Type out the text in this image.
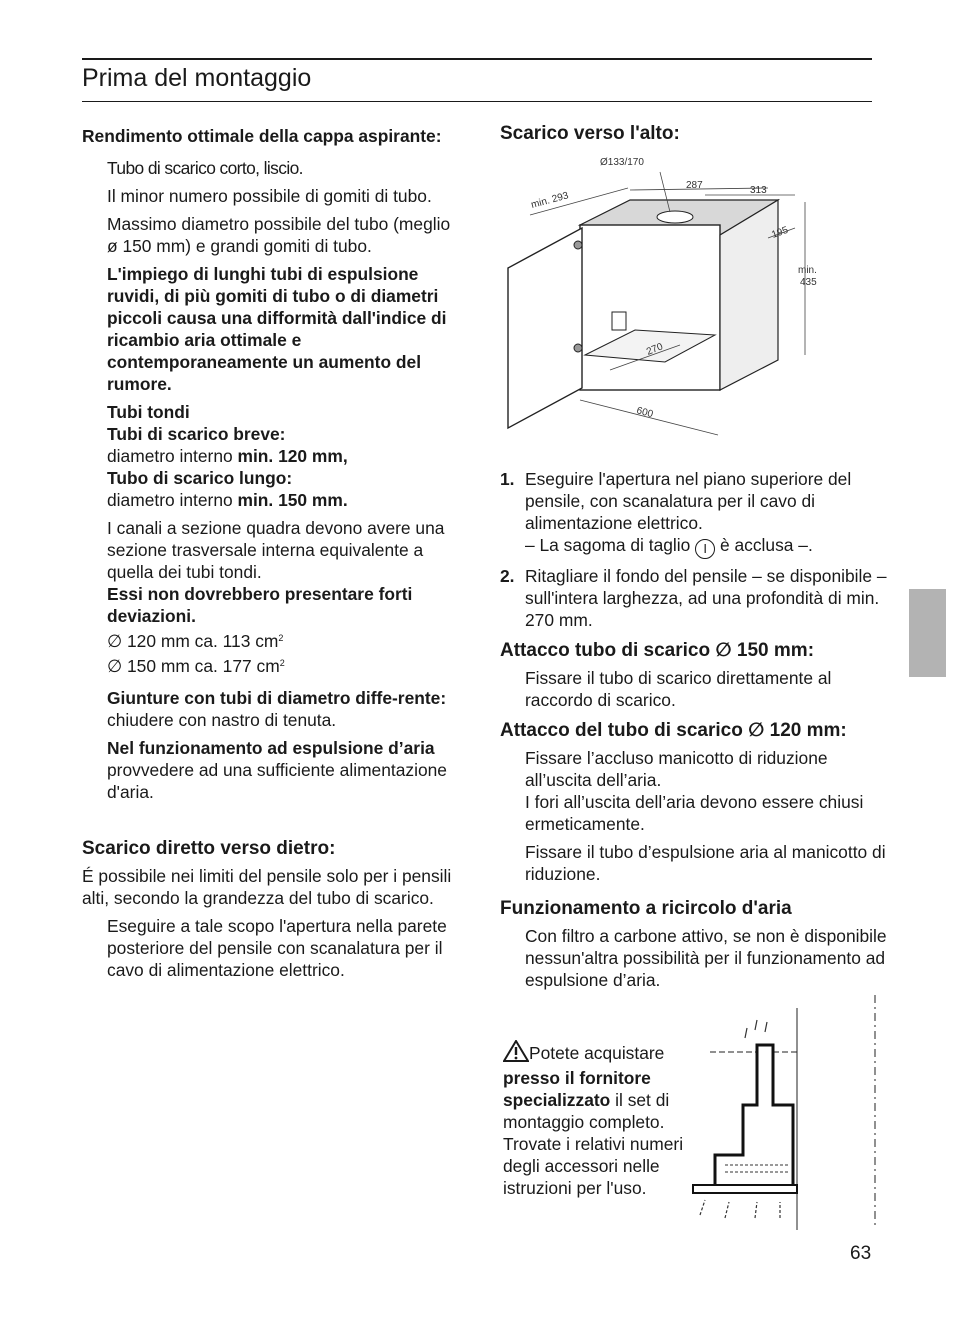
Prima del montaggio

Rendimento ottimale della cappa aspirante:

Tubo di scarico corto, liscio.

Il minor numero possibile di gomiti di tubo.

Massimo diametro possibile del tubo (meglio ø 150 mm) e grandi gomiti di tubo.

L'impiego di lunghi tubi di espulsione ruvidi, di più gomiti di tubo o di diametri piccoli causa una difformità dall'indice di ricambio aria ottimale e contemporaneamente un aumento del rumore.

Tubi tondi

Tubi di scarico breve:

diametro interno min. 120 mm,

Tubo di scarico lungo:

diametro interno min. 150 mm.

I canali a sezione quadra devono avere una sezione trasversale interna equivalente a quella dei tubi tondi.

Essi non dovrebbero presentare forti deviazioni.

∅ 120 mm ca. 113 $cm^2$

∅ 150 mm ca. 177 $cm^2$

Giunture con tubi di diametro diffe-rente: chiudere con nastro di tenuta.

Nel funzionamento ad espulsione d’aria provvedere ad una sufficiente alimentazione d'aria.

Scarico diretto verso dietro:

É possibile nei limiti del pensile solo per i pensili alti, secondo la grandezza del tubo di scarico.

Eseguire a tale scopo l'apertura nella parete posteriore del pensile con scanalatura per il cavo di alimentazione elettrico.

Scarico verso l'alto:

1. Eseguire l'apertura nel piano superiore del pensile, con scanalatura per il cavo di alimentazione elettrico.

– La sagoma di taglio I è acclusa –.

2. Ritagliare il fondo del pensile – se disponibile – sull'intera larghezza, ad una profondità di min. 270 mm.

Attacco tubo di scarico ∅ 150 mm:

Fissare il tubo di scarico direttamente al raccordo di scarico.

Attacco del tubo di scarico ∅ 120 mm:

Fissare l’accluso manicotto di riduzione all’uscita dell’aria.

I fori all’uscita dell’aria devono essere chiusi ermeticamente.

Fissare il tubo d’espulsione aria al manicotto di riduzione.

Funzionamento a ricircolo d'aria

Con filtro a carbone attivo, se non è disponibile nessun'altra possibilità per il funzionamento ad espulsione d’aria.

Ø133/170
min. 293
287	313
195
min.
435
270
600
Potete acquistare presso il fornitore specializzato il set di montaggio completo. Trovate i relativi numeri degli accessori nelle istruzioni per l'uso.
63
